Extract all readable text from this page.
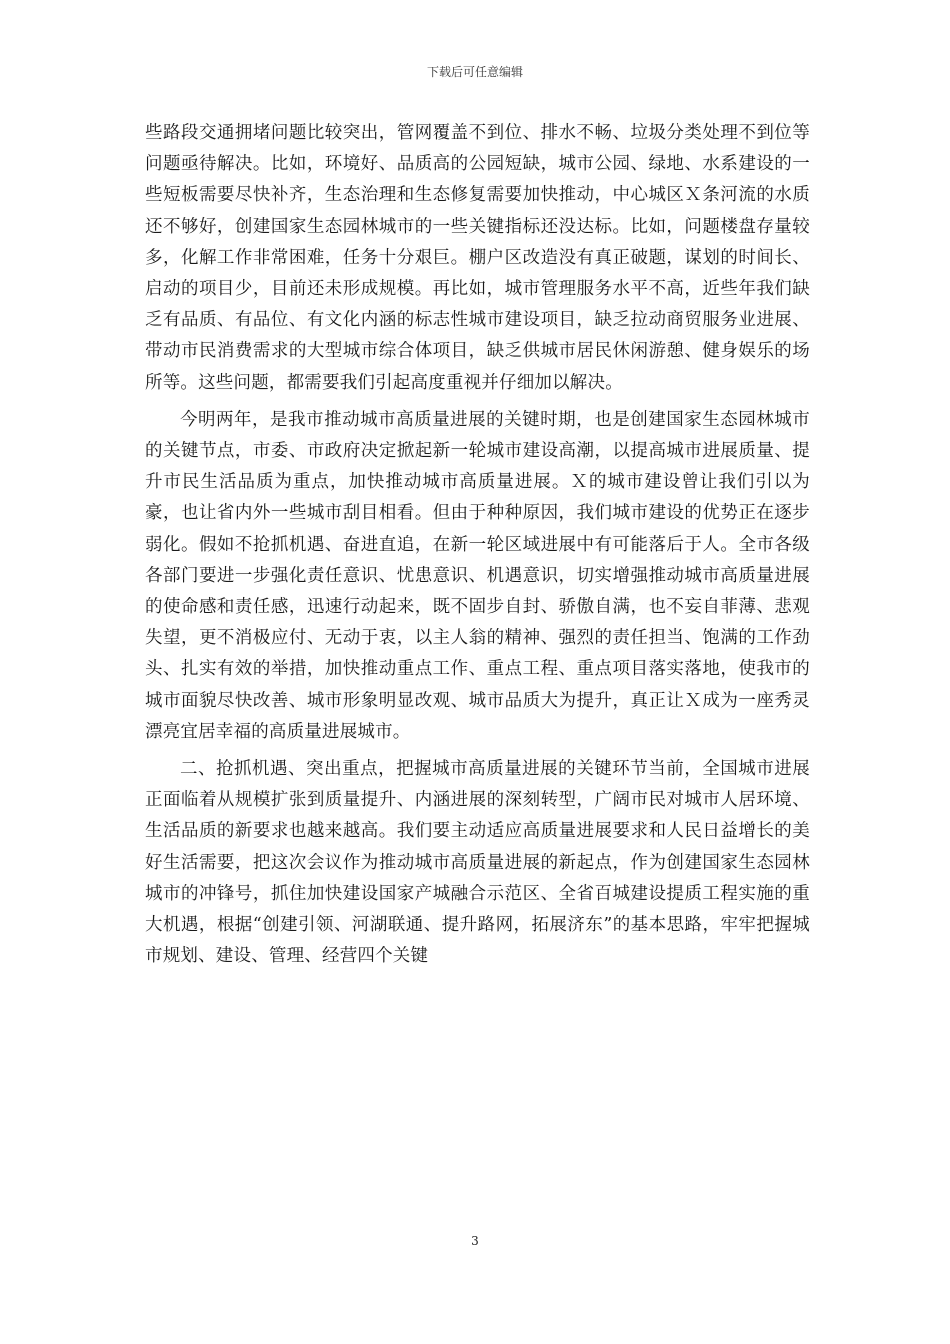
下载后可任意编辑

些路段交通拥堵问题比较突出，管网覆盖不到位、排水不畅、垃圾分类处理不到位等问题亟待解决。比如，环境好、品质高的公园短缺，城市公园、绿地、水系建设的一些短板需要尽快补齐，生态治理和生态修复需要加快推动，中心城区Ｘ条河流的水质还不够好，创建国家生态园林城市的一些关键指标还没达标。比如，问题楼盘存量较多，化解工作非常困难，任务十分艰巨。棚户区改造没有真正破题，谋划的时间长、启动的项目少，目前还未形成规模。再比如，城市管理服务水平不高，近些年我们缺乏有品质、有品位、有文化内涵的标志性城市建设项目，缺乏拉动商贸服务业进展、带动市民消费需求的大型城市综合体项目，缺乏供城市居民休闲游憩、健身娱乐的场所等。这些问题，都需要我们引起高度重视并仔细加以解决。

今明两年，是我市推动城市高质量进展的关键时期，也是创建国家生态园林城市的关键节点，市委、市政府决定掀起新一轮城市建设高潮，以提高城市进展质量、提升市民生活品质为重点，加快推动城市高质量进展。Ｘ的城市建设曾让我们引以为豪，也让省内外一些城市刮目相看。但由于种种原因，我们城市建设的优势正在逐步弱化。假如不抢抓机遇、奋进直追，在新一轮区域进展中有可能落后于人。全市各级各部门要进一步强化责任意识、忧患意识、机遇意识，切实增强推动城市高质量进展的使命感和责任感，迅速行动起来，既不固步自封、骄傲自满，也不妄自菲薄、悲观失望，更不消极应付、无动于衷，以主人翁的精神、强烈的责任担当、饱满的工作劲头、扎实有效的举措，加快推动重点工作、重点工程、重点项目落实落地，使我市的城市面貌尽快改善、城市形象明显改观、城市品质大为提升，真正让Ｘ成为一座秀灵漂亮宜居幸福的高质量进展城市。

二、抢抓机遇、突出重点，把握城市高质量进展的关键环节当前，全国城市进展正面临着从规模扩张到质量提升、内涵进展的深刻转型，广阔市民对城市人居环境、生活品质的新要求也越来越高。我们要主动适应高质量进展要求和人民日益增长的美好生活需要，把这次会议作为推动城市高质量进展的新起点，作为创建国家生态园林城市的冲锋号，抓住加快建设国家产城融合示范区、全省百城建设提质工程实施的重大机遇，根据“创建引领、河湖联通、提升路网，拓展济东”的基本思路，牢牢把握城市规划、建设、管理、经营四个关键

3
